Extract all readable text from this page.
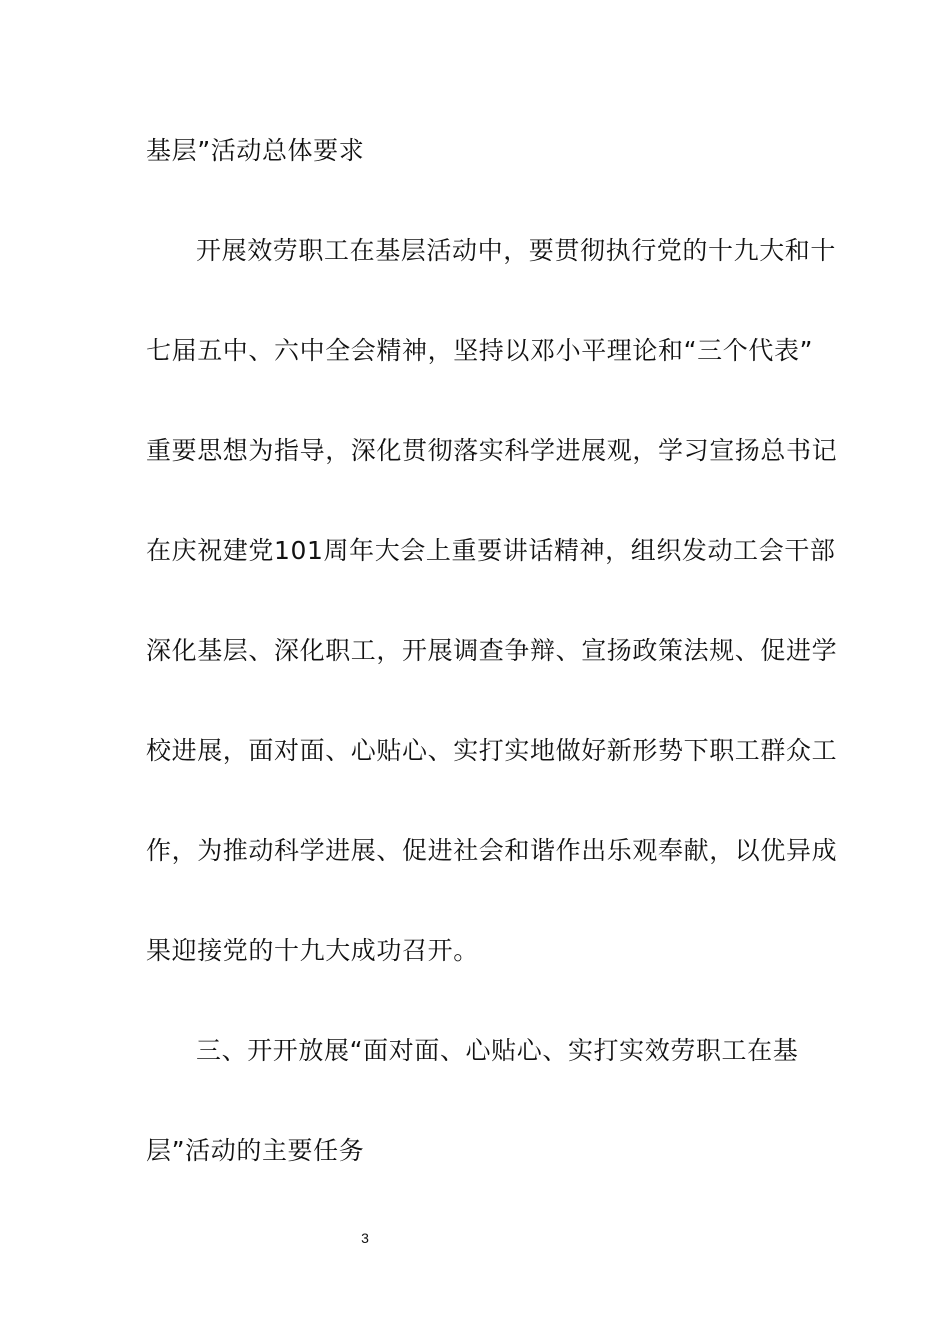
基层”活动总体要求
开展效劳职工在基层活动中，要贯彻执行党的十九大和十
七届五中、六中全会精神，坚持以邓小平理论和“三个代表”
重要思想为指导，深化贯彻落实科学进展观，学习宣扬总书记
在庆祝建党101周年大会上重要讲话精神，组织发动工会干部
深化基层、深化职工，开展调查争辩、宣扬政策法规、促进学
校进展，面对面、心贴心、实打实地做好新形势下职工群众工
作，为推动科学进展、促进社会和谐作出乐观奉献，以优异成
果迎接党的十九大成功召开。
三、开开放展“面对面、心贴心、实打实效劳职工在基
层”活动的主要任务
3
